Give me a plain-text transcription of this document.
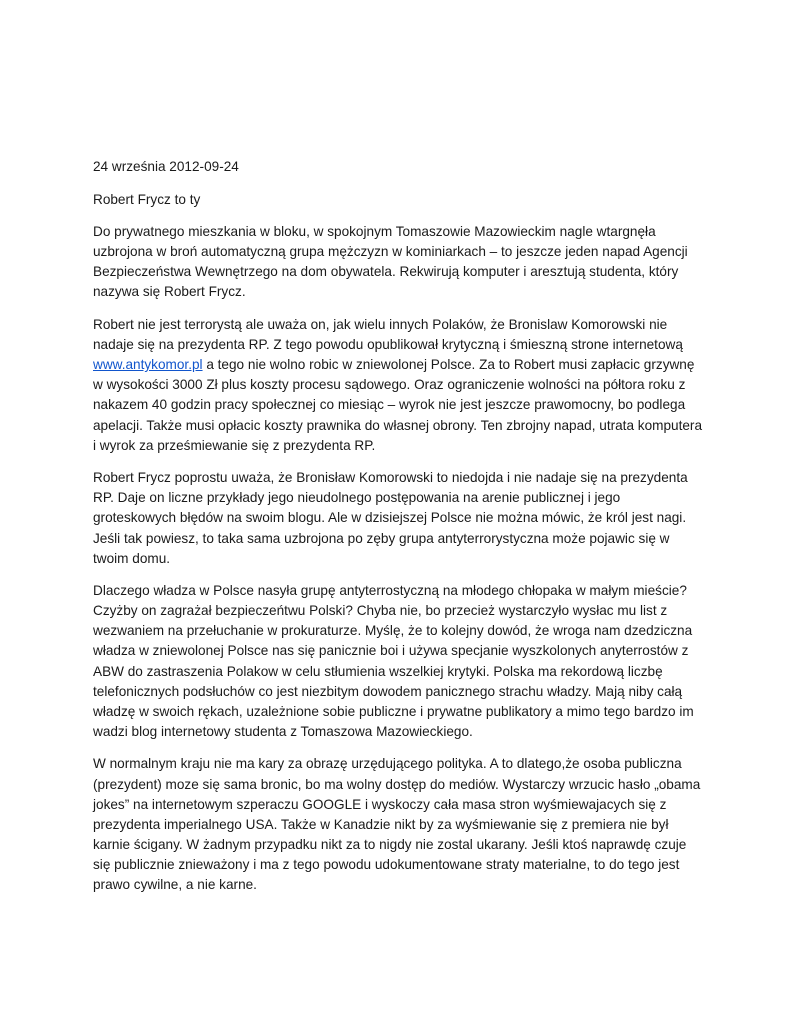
24 września 2012-09-24

Robert Frycz to ty

Do prywatnego mieszkania w bloku, w spokojnym Tomaszowie Mazowieckim nagle wtargnęła uzbrojona w broń automatyczną grupa mężczyzn w kominiarkach – to jeszcze jeden napad Agencji Bezpieczeństwa Wewnętrzego na dom obywatela. Rekwirują komputer i aresztują studenta, który nazywa się Robert Frycz.

Robert nie jest terrorystą ale uważa on, jak wielu innych Polaków, że Bronislaw Komorowski nie nadaje się na prezydenta RP. Z tego powodu opublikował krytyczną i śmieszną strone internetową www.antykomor.pl a tego nie wolno robic w zniewolonej Polsce. Za to Robert musi zapłacic grzywnę w wysokości 3000 Zł plus koszty procesu sądowego. Oraz ograniczenie wolności na półtora roku z nakazem 40 godzin pracy społecznej co miesiąc – wyrok nie jest jeszcze prawomocny, bo podlega apelacji. Także musi opłacic koszty prawnika do własnej obrony. Ten zbrojny napad, utrata komputera i wyrok za prześmiewanie się z prezydenta RP.

Robert Frycz poprostu uważa, że Bronisław Komorowski to niedojda i nie nadaje się na prezydenta RP. Daje on liczne przykłady jego nieudolnego postępowania na arenie publicznej i jego groteskowych błędów na swoim blogu. Ale w dzisiejszej Polsce nie można mówic, że król jest nagi. Jeśli tak powiesz, to taka sama uzbrojona po zęby grupa antyterrorystyczna może pojawic się w twoim domu.

Dlaczego władza w Polsce nasyła grupę antyterrostyczną na młodego chłopaka w małym mieście? Czyżby on zagrażał bezpieczeńtwu Polski? Chyba nie, bo przecież wystarczyło wysłac mu list z wezwaniem na przełuchanie w prokuraturze. Myślę, że to kolejny dowód, że wroga nam dzedziczna władza w zniewolonej Polsce nas się panicznie boi i używa specjanie wyszkolonych anyterrostów z ABW do zastraszenia Polakow w celu stłumienia wszelkiej krytyki. Polska ma rekordową liczbę telefonicznych podsłuchów co jest niezbitym dowodem panicznego strachu władzy. Mają niby całą władzę w swoich rękach, uzależnione sobie publiczne i prywatne publikatory a mimo tego bardzo im wadzi blog internetowy studenta z Tomaszowa Mazowieckiego.

W normalnym kraju nie ma kary za obrazę urzędującego polityka. A to dlatego,że osoba publiczna (prezydent) moze się sama bronic, bo ma wolny dostęp do mediów. Wystarczy wrzucic hasło „obama jokes” na internetowym szperaczu GOOGLE i wyskoczy cała masa stron wyśmiewajacych się z prezydenta imperialnego USA. Także w Kanadzie nikt by za wyśmiewanie się z premiera nie był karnie ścigany. W żadnym przypadku nikt za to nigdy nie zostal ukarany. Jeśli ktoś naprawdę czuje się publicznie znieważony i ma z tego powodu udokumentowane straty materialne, to do tego jest prawo cywilne, a nie karne.
